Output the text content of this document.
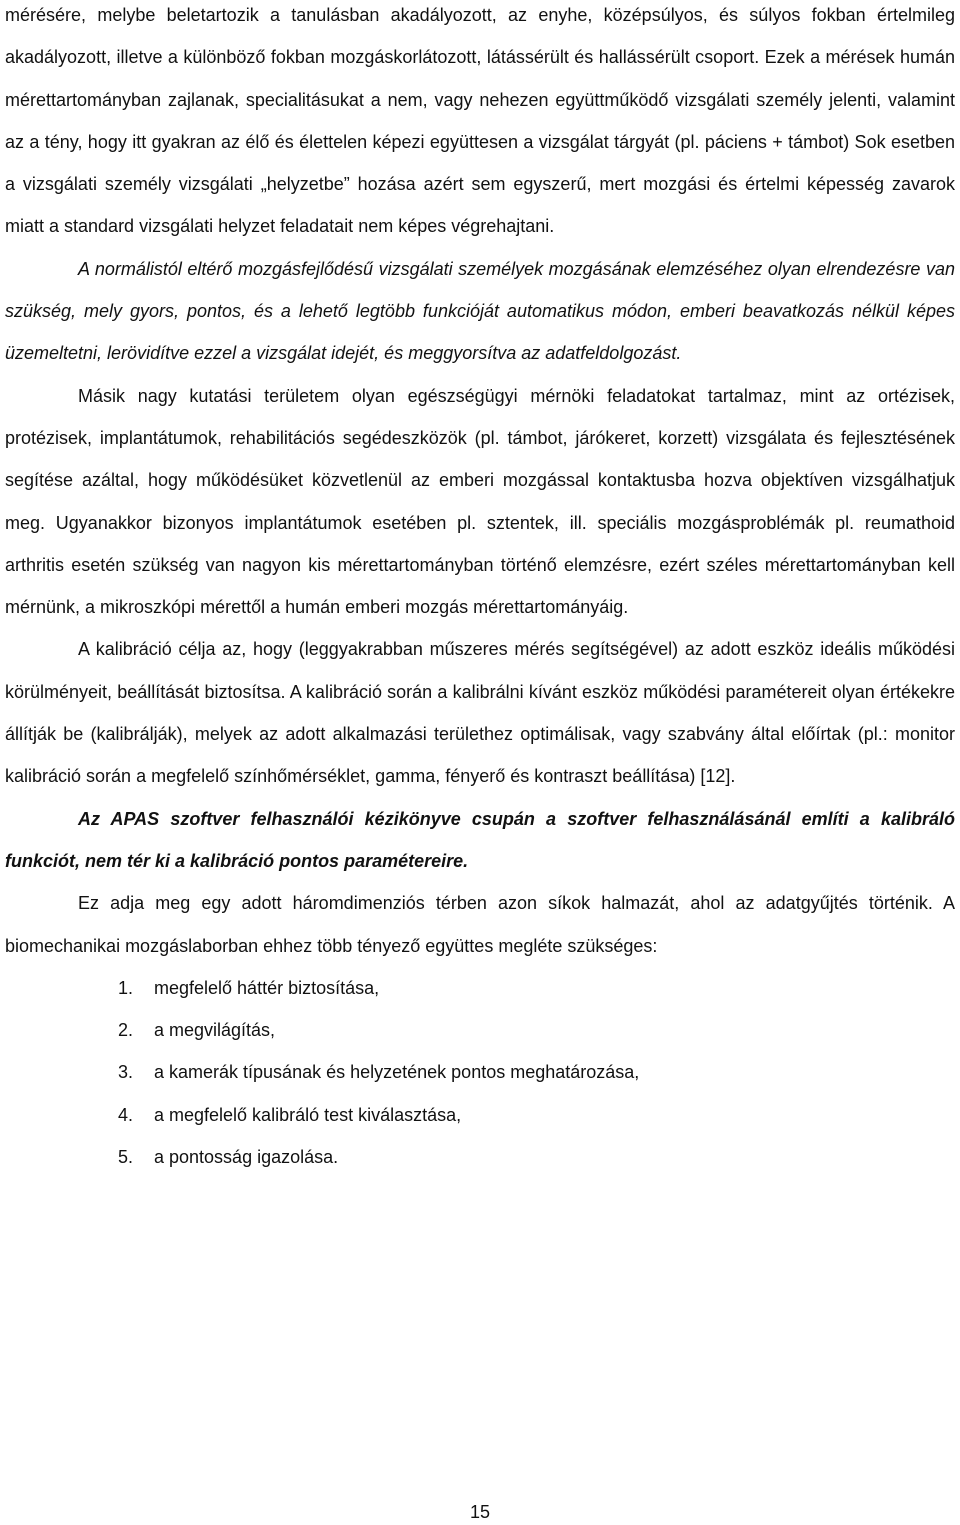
mérésére, melybe beletartozik a tanulásban akadályozott, az enyhe, középsúlyos, és súlyos fokban értelmileg akadályozott, illetve a különböző fokban mozgáskorlátozott, látássérült és hallássérült csoport. Ezek a mérések humán mérettartományban zajlanak, specialitásukat a nem, vagy nehezen együttműködő vizsgálati személy jelenti, valamint az a tény, hogy itt gyakran az élő és élettelen képezi együttesen a vizsgálat tárgyát (pl. páciens + támbot) Sok esetben a vizsgálati személy vizsgálati „helyzetbe” hozása azért sem egyszerű, mert mozgási és értelmi képesség zavarok miatt a standard vizsgálati helyzet feladatait nem képes végrehajtani.

A normálistól eltérő mozgásfejlődésű vizsgálati személyek mozgásának elemzéséhez olyan elrendezésre van szükség, mely gyors, pontos, és a lehető legtöbb funkcióját automatikus módon, emberi beavatkozás nélkül képes üzemeltetni, lerövidítve ezzel a vizsgálat idejét, és meggyorsítva az adatfeldolgozást.

Másik nagy kutatási területem olyan egészségügyi mérnöki feladatokat tartalmaz, mint az ortézisek, protézisek, implantátumok, rehabilitációs segédeszközök (pl. támbot, járókeret, korzett) vizsgálata és fejlesztésének segítése azáltal, hogy működésüket közvetlenül az emberi mozgással kontaktusba hozva objektíven vizsgálhatjuk meg. Ugyanakkor bizonyos implantátumok esetében pl. sztentek, ill. speciális mozgásproblémák pl. reumathoid arthritis esetén szükség van nagyon kis mérettartományban történő elemzésre, ezért széles mérettartományban kell mérnünk, a mikroszkópi mérettől a humán emberi mozgás mérettartományáig.

A kalibráció célja az, hogy (leggyakrabban műszeres mérés segítségével) az adott eszköz ideális működési körülményeit, beállítását biztosítsa. A kalibráció során a kalibrálni kívánt eszköz működési paramétereit olyan értékekre állítják be (kalibrálják), melyek az adott alkalmazási területhez optimálisak, vagy szabvány által előírtak (pl.: monitor kalibráció során a megfelelő színhőmérséklet, gamma, fényerő és kontraszt beállítása) [12].

Az APAS szoftver felhasználói kézikönyve csupán a szoftver felhasználásánál említi a kalibráló funkciót, nem tér ki a kalibráció pontos paramétereire.

Ez adja meg egy adott háromdimenziós térben azon síkok halmazát, ahol az adatgyűjtés történik. A biomechanikai mozgáslaborban ehhez több tényező együttes megléte szükséges:

1.	megfelelő háttér biztosítása,
2.	a megvilágítás,
3.	a kamerák típusának és helyzetének pontos meghatározása,
4.	a megfelelő kalibráló test kiválasztása,
5.	a pontosság igazolása.
15
